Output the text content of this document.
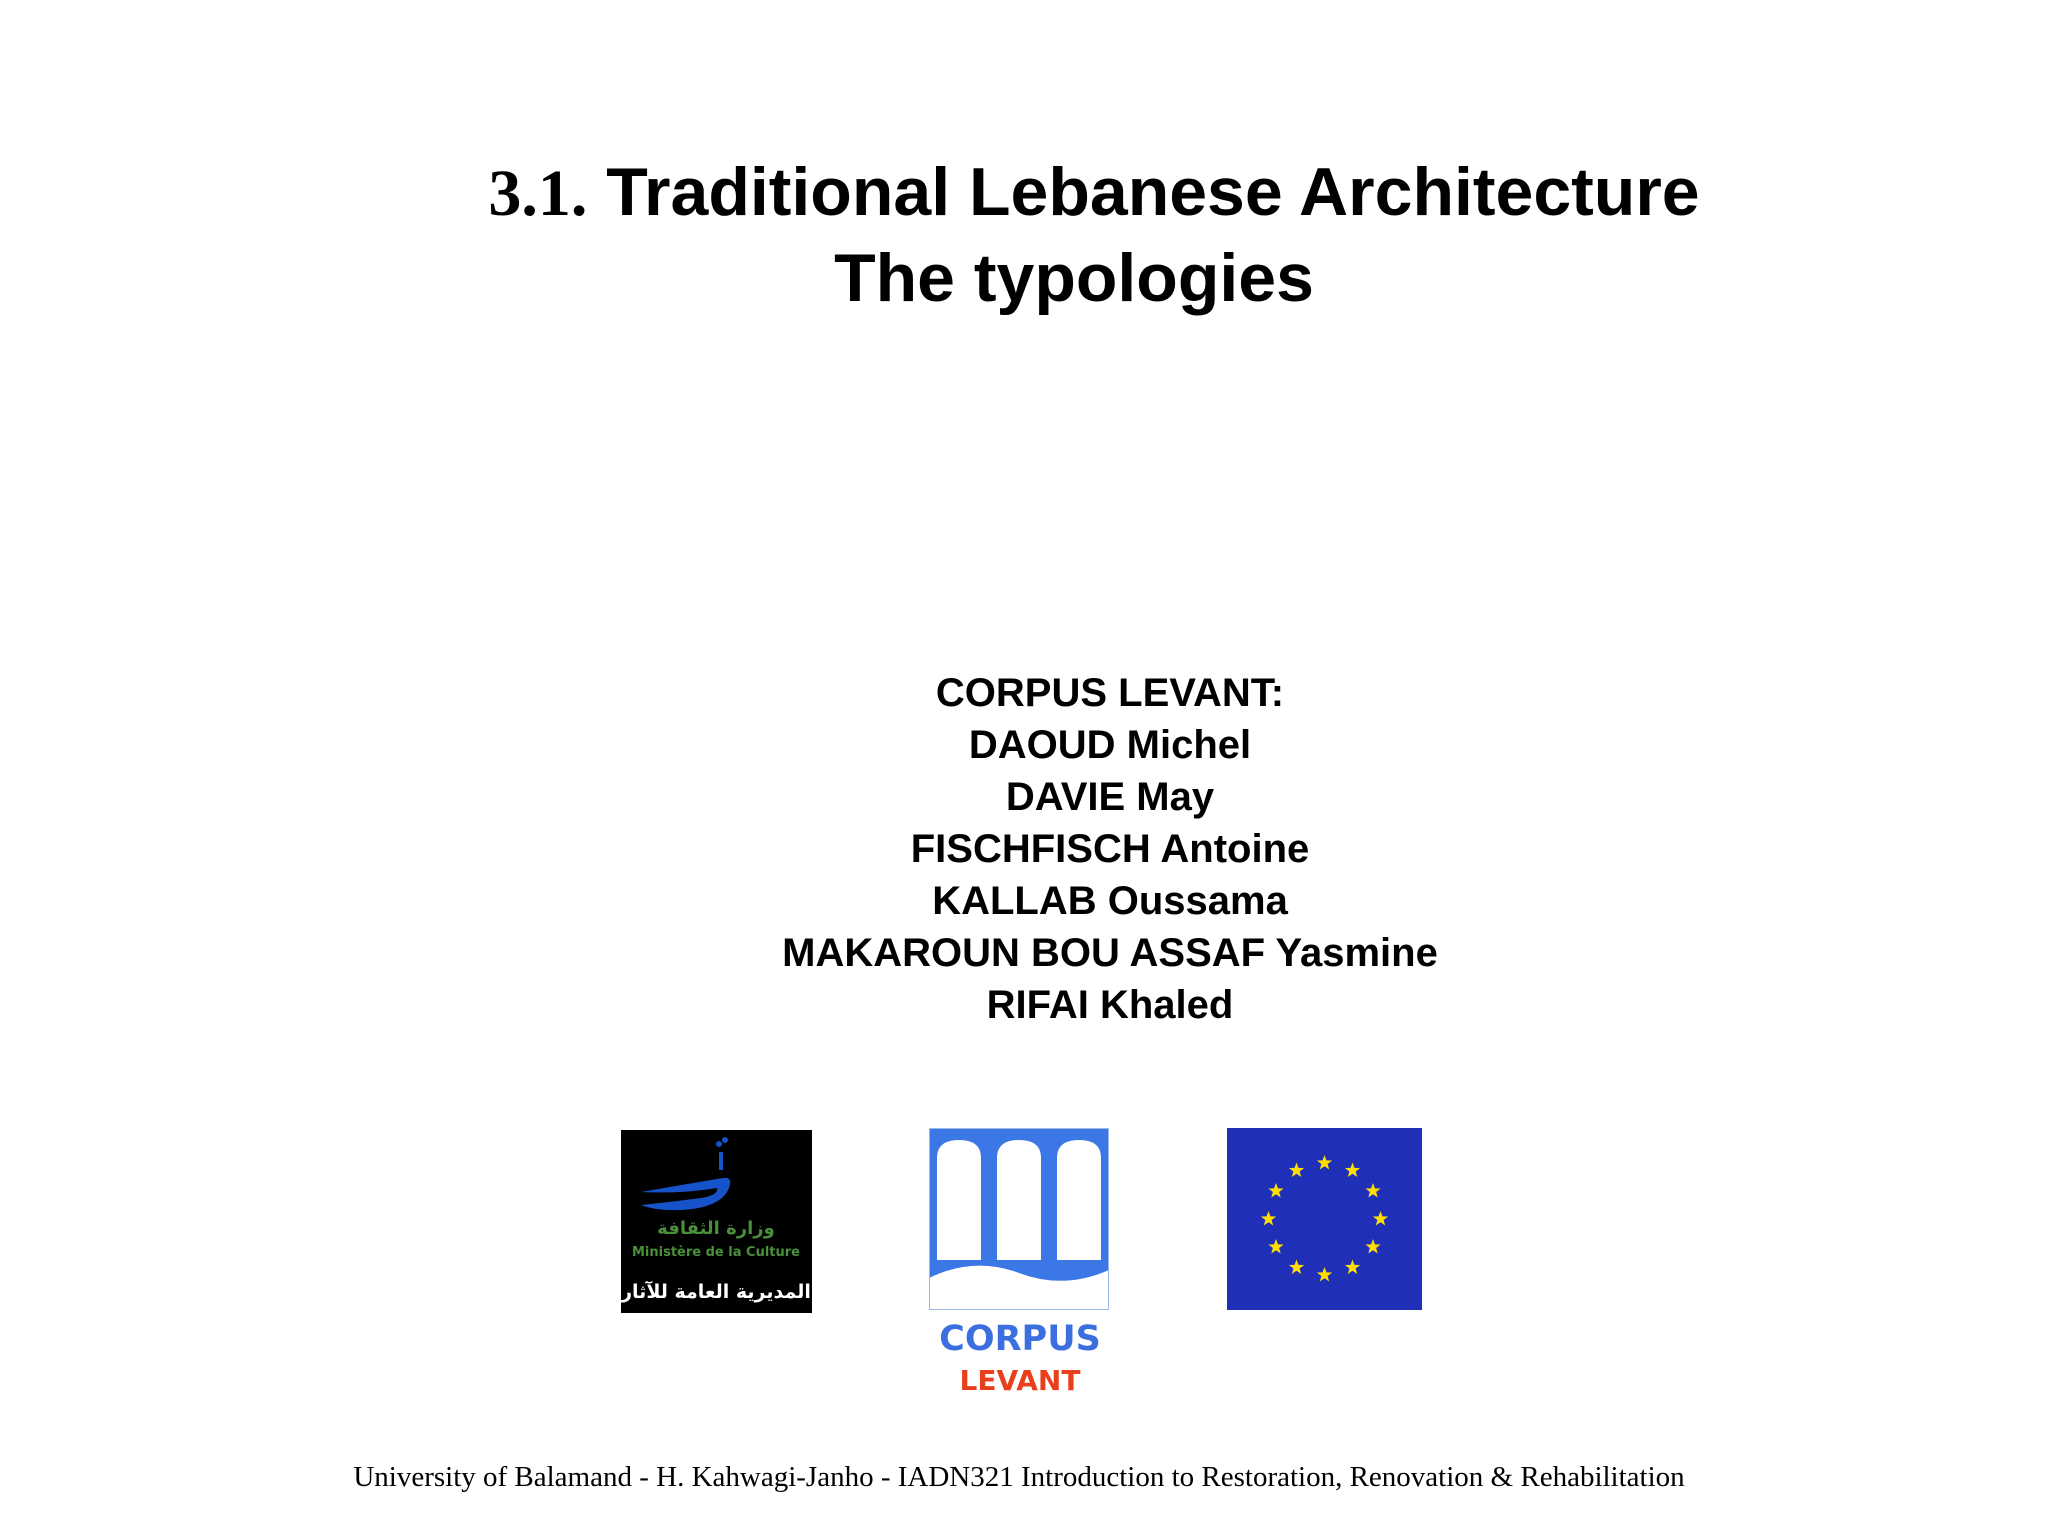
3.1. Traditional Lebanese Architecture
The typologies
CORPUS LEVANT:
DAOUD Michel
DAVIE May
FISCHFISCH Antoine
KALLAB Oussama
MAKAROUN BOU ASSAF Yasmine
RIFAI Khaled
وزارة الثقافة
Ministère de la Culture
المديرية العامة للآثار
CORPUS
LEVANT
University of Balamand - H. Kahwagi-Janho - IADN321 Introduction to Restoration, Renovation & Rehabilitation
